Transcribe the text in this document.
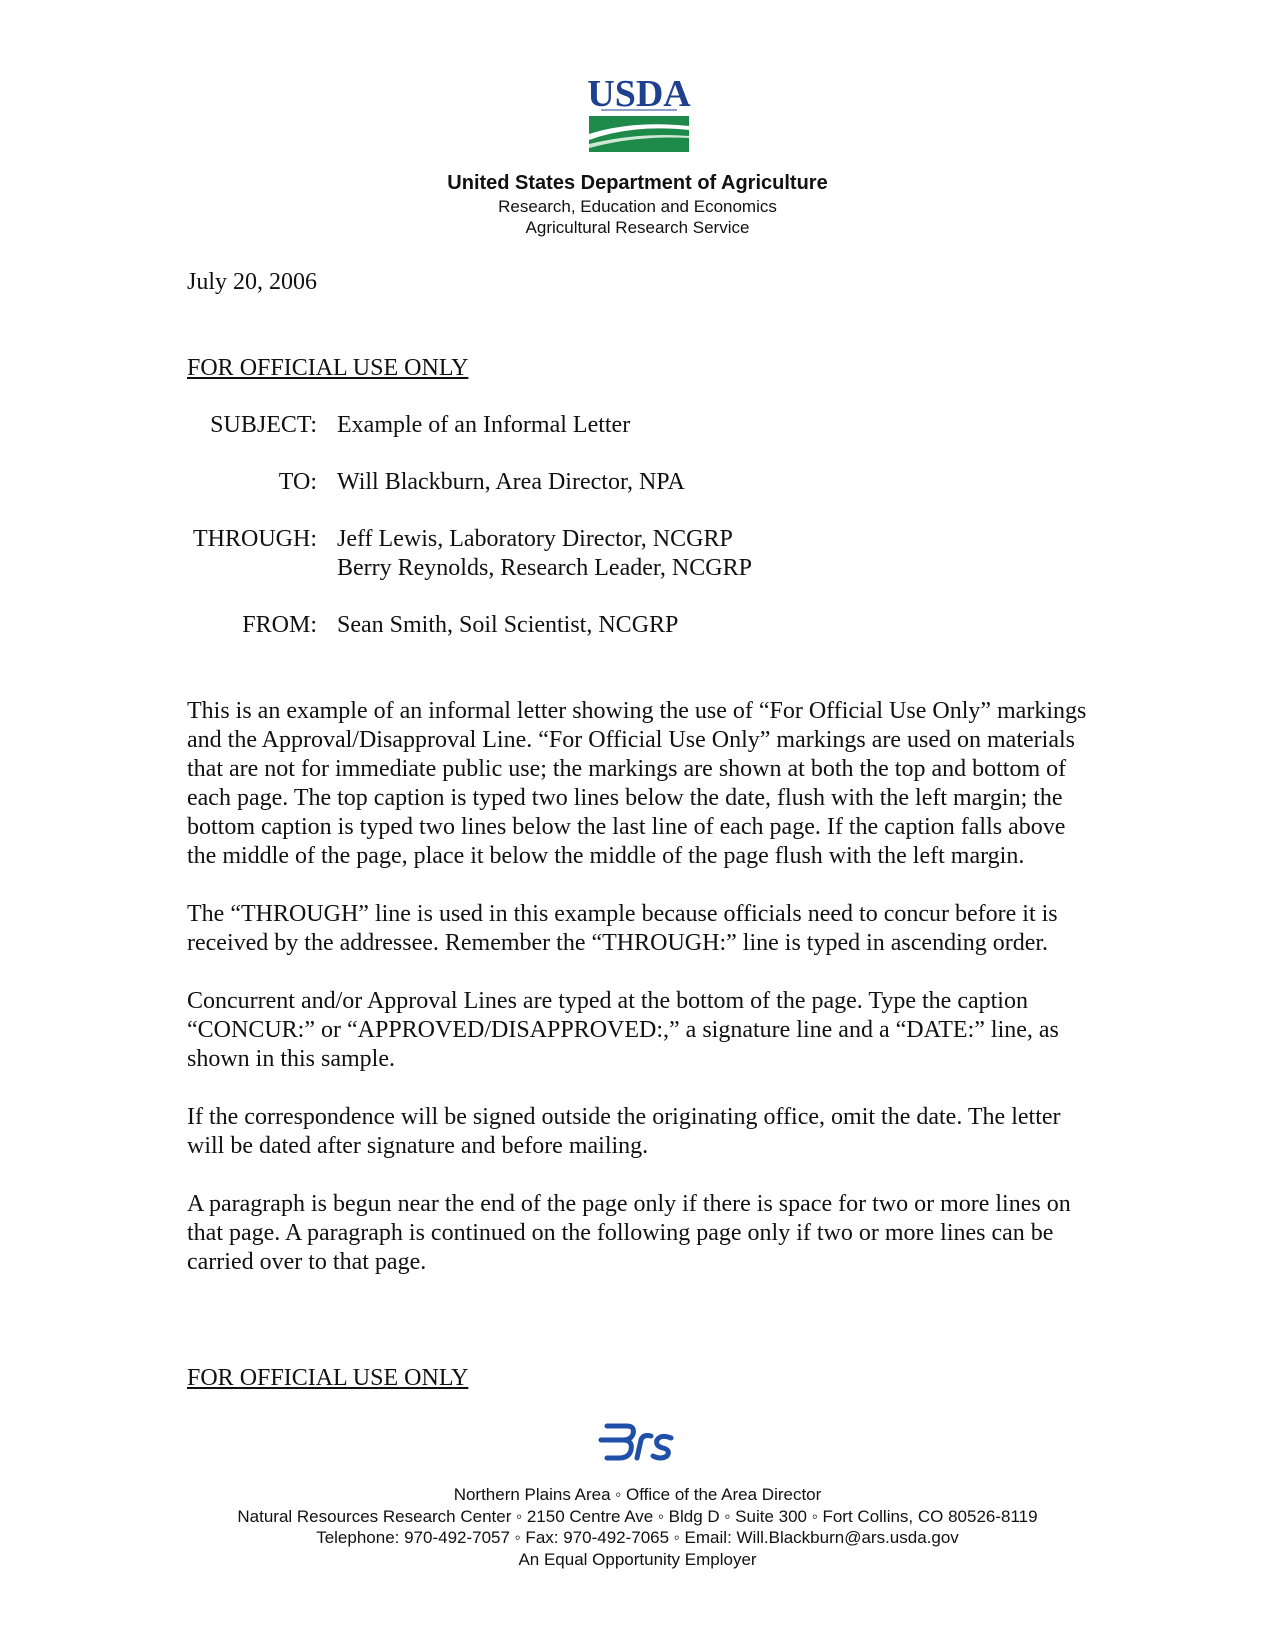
USDA
United States Department of Agriculture
Research, Education and Economics
Agricultural Research Service
July 20, 2006
FOR OFFICIAL USE ONLY
SUBJECT: Example of an Informal Letter
TO: Will Blackburn, Area Director, NPA
THROUGH: Jeff Lewis, Laboratory Director, NCGRP
Berry Reynolds, Research Leader, NCGRP
FROM: Sean Smith, Soil Scientist, NCGRP

This is an example of an informal letter showing the use of “For Official Use Only” markings and the Approval/Disapproval Line. “For Official Use Only” markings are used on materials that are not for immediate public use; the markings are shown at both the top and bottom of each page. The top caption is typed two lines below the date, flush with the left margin; the bottom caption is typed two lines below the last line of each page. If the caption falls above the middle of the page, place it below the middle of the page flush with the left margin.

The “THROUGH” line is used in this example because officials need to concur before it is received by the addressee. Remember the “THROUGH:” line is typed in ascending order.

Concurrent and/or Approval Lines are typed at the bottom of the page. Type the caption “CONCUR:” or “APPROVED/DISAPPROVED:,” a signature line and a “DATE:” line, as shown in this sample.

If the correspondence will be signed outside the originating office, omit the date. The letter will be dated after signature and before mailing.

A paragraph is begun near the end of the page only if there is space for two or more lines on that page. A paragraph is continued on the following page only if two or more lines can be carried over to that page.

FOR OFFICIAL USE ONLY
Northern Plains Area ◦ Office of the Area Director
Natural Resources Research Center ◦ 2150 Centre Ave ◦ Bldg D ◦ Suite 300 ◦ Fort Collins, CO 80526-8119
Telephone: 970-492-7057 ◦ Fax: 970-492-7065 ◦ Email: Will.Blackburn@ars.usda.gov
An Equal Opportunity Employer
